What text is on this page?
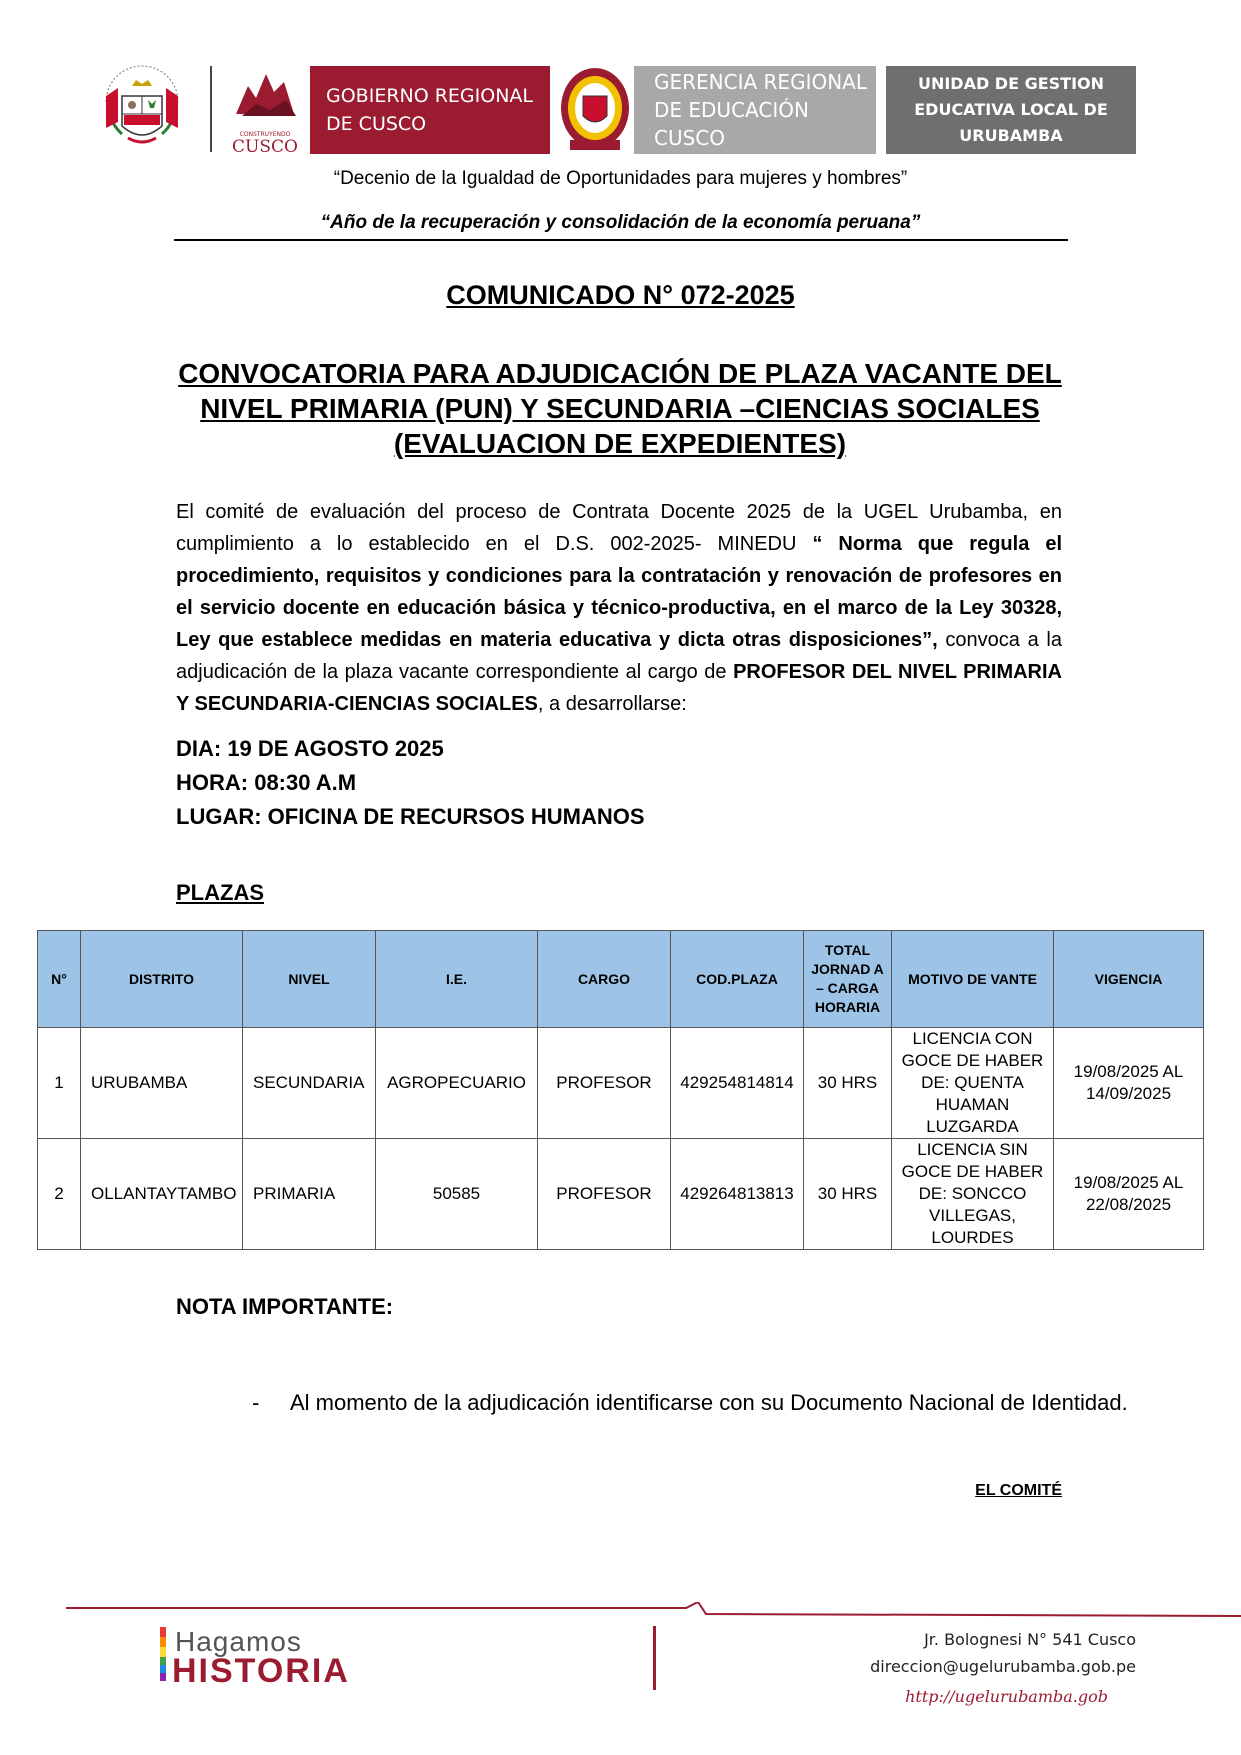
CONSTRUYENDO
CUSCO
GOBIERNO REGIONAL
DE CUSCO
GERENCIA REGIONAL
DE EDUCACIÓN CUSCO
UNIDAD DE GESTION
EDUCATIVA LOCAL DE
URUBAMBA
“Decenio de la Igualdad de Oportunidades para mujeres y hombres”
“Año de la recuperación y consolidación de la economía peruana”
COMUNICADO N° 072-2025
CONVOCATORIA PARA ADJUDICACIÓN DE PLAZA VACANTE DEL
NIVEL PRIMARIA (PUN) Y SECUNDARIA –CIENCIAS SOCIALES
(EVALUACION DE EXPEDIENTES)
El comité de evaluación del proceso de Contrata Docente 2025 de la UGEL Urubamba, en cumplimiento a lo establecido en el D.S. 002-2025- MINEDU “ Norma que regula el procedimiento, requisitos y condiciones para la contratación y renovación de profesores en el servicio docente en educación básica y técnico-productiva, en el marco de la Ley 30328, Ley que establece medidas en materia educativa y dicta otras disposiciones”, convoca a la adjudicación de la plaza vacante correspondiente al cargo de PROFESOR DEL NIVEL PRIMARIA Y SECUNDARIA-CIENCIAS SOCIALES, a desarrollarse:
DIA: 19 DE AGOSTO 2025
HORA: 08:30 A.M
LUGAR: OFICINA DE RECURSOS HUMANOS
PLAZAS
N°	DISTRITO	NIVEL	I.E.	CARGO	COD.PLAZA	TOTAL JORNAD A – CARGA HORARIA	MOTIVO DE VANTE	VIGENCIA
1	URUBAMBA	SECUNDARIA	AGROPECUARIO	PROFESOR	429254814814	30 HRS	LICENCIA CON GOCE DE HABER DE: QUENTA HUAMAN LUZGARDA	19/08/2025 AL 14/09/2025
2	OLLANTAYTAMBO	PRIMARIA	50585	PROFESOR	429264813813	30 HRS	LICENCIA SIN GOCE DE HABER DE: SONCCO VILLEGAS, LOURDES	19/08/2025 AL 22/08/2025
NOTA IMPORTANTE:
- Al momento de la adjudicación identificarse con su Documento Nacional de Identidad.
EL COMITÉ
Hagamos
HISTORIA
Jr. Bolognesi N° 541 Cusco
direccion@ugelurubamba.gob.pe
http://ugelurubamba.gob
